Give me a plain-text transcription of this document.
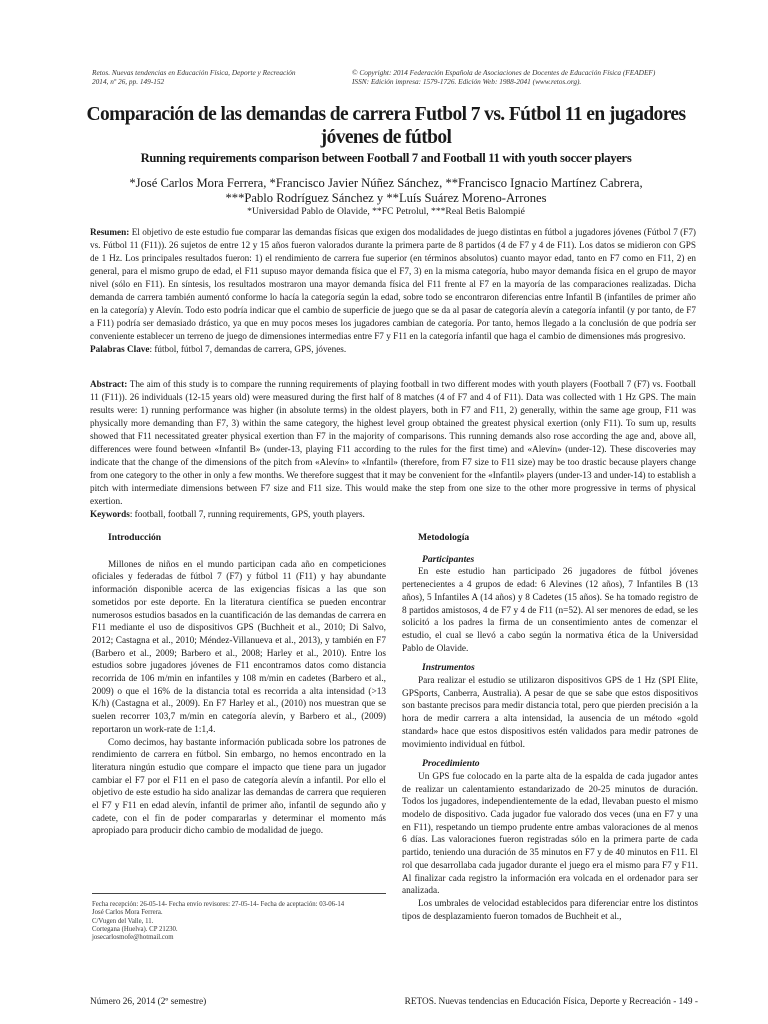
Retos. Nuevas tendencias en Educación Física, Deporte y Recreación
2014, nº 26, pp. 149-152
© Copyright: 2014 Federación Española de Asociaciones de Docentes de Educación Física (FEADEF)
ISSN: Edición impresa: 1579-1726. Edición Web: 1988-2041 (www.retos.org).
Comparación de las demandas de carrera Futbol 7 vs. Fútbol 11 en jugadores jóvenes de fútbol
Running requirements comparison between Football 7 and Football 11 with youth soccer players
*José Carlos Mora Ferrera, *Francisco Javier Núñez Sánchez, **Francisco Ignacio Martínez Cabrera,
***Pablo Rodríguez Sánchez y **Luís Suárez Moreno-Arrones
*Universidad Pablo de Olavide, **FC Petrolul, ***Real Betis Balompié

Resumen: El objetivo de este estudio fue comparar las demandas físicas que exigen dos modalidades de juego distintas en fútbol a jugadores jóvenes (Fútbol 7 (F7) vs. Fútbol 11 (F11)). 26 sujetos de entre 12 y 15 años fueron valorados durante la primera parte de 8 partidos (4 de F7 y 4 de F11). Los datos se midieron con GPS de 1 Hz. Los principales resultados fueron: 1) el rendimiento de carrera fue superior (en términos absolutos) cuanto mayor edad, tanto en F7 como en F11, 2) en general, para el mismo grupo de edad, el F11 supuso mayor demanda física que el F7, 3) en la misma categoría, hubo mayor demanda física en el grupo de mayor nivel (sólo en F11). En síntesis, los resultados mostraron una mayor demanda física del F11 frente al F7 en la mayoría de las comparaciones realizadas. Dicha demanda de carrera también aumentó conforme lo hacía la categoría según la edad, sobre todo se encontraron diferencias entre Infantil B (infantiles de primer año en la categoría) y Alevín. Todo esto podría indicar que el cambio de superficie de juego que se da al pasar de categoría alevín a categoría infantil (y por tanto, de F7 a F11) podría ser demasiado drástico, ya que en muy pocos meses los jugadores cambian de categoría. Por tanto, hemos llegado a la conclusión de que podría ser conveniente establecer un terreno de juego de dimensiones intermedias entre F7 y F11 en la categoría infantil que haga el cambio de dimensiones más progresivo.

Palabras Clave: fútbol, fútbol 7, demandas de carrera, GPS, jóvenes.

Abstract: The aim of this study is to compare the running requirements of playing football in two different modes with youth players (Football 7 (F7) vs. Football 11 (F11)). 26 individuals (12-15 years old) were measured during the first half of 8 matches (4 of F7 and 4 of F11). Data was collected with 1 Hz GPS. The main results were: 1) running performance was higher (in absolute terms) in the oldest players, both in F7 and F11, 2) generally, within the same age group, F11 was physically more demanding than F7, 3) within the same category, the highest level group obtained the greatest physical exertion (only F11). To sum up, results showed that F11 necessitated greater physical exertion than F7 in the majority of comparisons. This running demands also rose according the age and, above all, differences were found between «Infantil B» (under-13, playing F11 according to the rules for the first time) and «Alevín» (under-12). These discoveries may indicate that the change of the dimensions of the pitch from «Alevín» to «Infantil» (therefore, from F7 size to F11 size) may be too drastic because players change from one category to the other in only a few months. We therefore suggest that it may be convenient for the «Infantil» players (under-13 and under-14) to establish a pitch with intermediate dimensions between F7 size and F11 size. This would make the step from one size to the other more progressive in terms of physical exertion.

Keywords: football, football 7, running requirements, GPS, youth players.

Introducción

Millones de niños en el mundo participan cada año en competiciones oficiales y federadas de fútbol 7 (F7) y fútbol 11 (F11) y hay abundante información disponible acerca de las exigencias físicas a las que son sometidos por este deporte. En la literatura científica se pueden encontrar numerosos estudios basados en la cuantificación de las demandas de carrera en F11 mediante el uso de dispositivos GPS (Buchheit et al., 2010; Di Salvo, 2012; Castagna et al., 2010; Méndez-Villanueva et al., 2013), y también en F7 (Barbero et al., 2009; Barbero et al., 2008; Harley et al., 2010). Entre los estudios sobre jugadores jóvenes de F11 encontramos datos como distancia recorrida de 106 m/min en infantiles y 108 m/min en cadetes (Barbero et al., 2009) o que el 16% de la distancia total es recorrida a alta intensidad (>13 K/h) (Castagna et al., 2009). En F7 Harley et al., (2010) nos muestran que se suelen recorrer 103,7 m/min en categoría alevín, y Barbero et al., (2009) reportaron un work-rate de 1:1,4.

Como decimos, hay bastante información publicada sobre los patrones de rendimiento de carrera en fútbol. Sin embargo, no hemos encontrado en la literatura ningún estudio que compare el impacto que tiene para un jugador cambiar el F7 por el F11 en el paso de categoría alevín a infantil. Por ello el objetivo de este estudio ha sido analizar las demandas de carrera que requieren el F7 y F11 en edad alevín, infantil de primer año, infantil de segundo año y cadete, con el fin de poder compararlas y determinar el momento más apropiado para producir dicho cambio de modalidad de juego.

Fecha recepción: 26-05-14- Fecha envío revisores: 27-05-14- Fecha de aceptación: 03-06-14
José Carlos Mora Ferrera.
C/Vugen del Valle, 11.
Cortegana (Huelva). CP 21230.
josecarlosmofe@hotmail.com
Metodología
Participantes

En este estudio han participado 26 jugadores de fútbol jóvenes pertenecientes a 4 grupos de edad: 6 Alevines (12 años), 7 Infantiles B (13 años), 5 Infantiles A (14 años) y 8 Cadetes (15 años). Se ha tomado registro de 8 partidos amistosos, 4 de F7 y 4 de F11 (n=52). Al ser menores de edad, se les solicitó a los padres la firma de un consentimiento antes de comenzar el estudio, el cual se llevó a cabo según la normativa ética de la Universidad Pablo de Olavide.

Instrumentos

Para realizar el estudio se utilizaron dispositivos GPS de 1 Hz (SPI Elite, GPSports, Canberra, Australia). A pesar de que se sabe que estos dispositivos son bastante precisos para medir distancia total, pero que pierden precisión a la hora de medir carrera a alta intensidad, la ausencia de un método «gold standard» hace que estos dispositivos estén validados para medir patrones de movimiento individual en fútbol.

Procedimiento

Un GPS fue colocado en la parte alta de la espalda de cada jugador antes de realizar un calentamiento estandarizado de 20-25 minutos de duración. Todos los jugadores, independientemente de la edad, llevaban puesto el mismo modelo de dispositivo. Cada jugador fue valorado dos veces (una en F7 y una en F11), respetando un tiempo prudente entre ambas valoraciones de al menos 6 días. Las valoraciones fueron registradas sólo en la primera parte de cada partido, teniendo una duración de 35 minutos en F7 y de 40 minutos en F11. El rol que desarrollaba cada jugador durante el juego era el mismo para F7 y F11. Al finalizar cada registro la información era volcada en el ordenador para ser analizada.

Los umbrales de velocidad establecidos para diferenciar entre los distintos tipos de desplazamiento fueron tomados de Buchheit et al.,

Número 26, 2014 (2º semestre)	RETOS. Nuevas tendencias en Educación Física, Deporte y Recreación - 149 -
